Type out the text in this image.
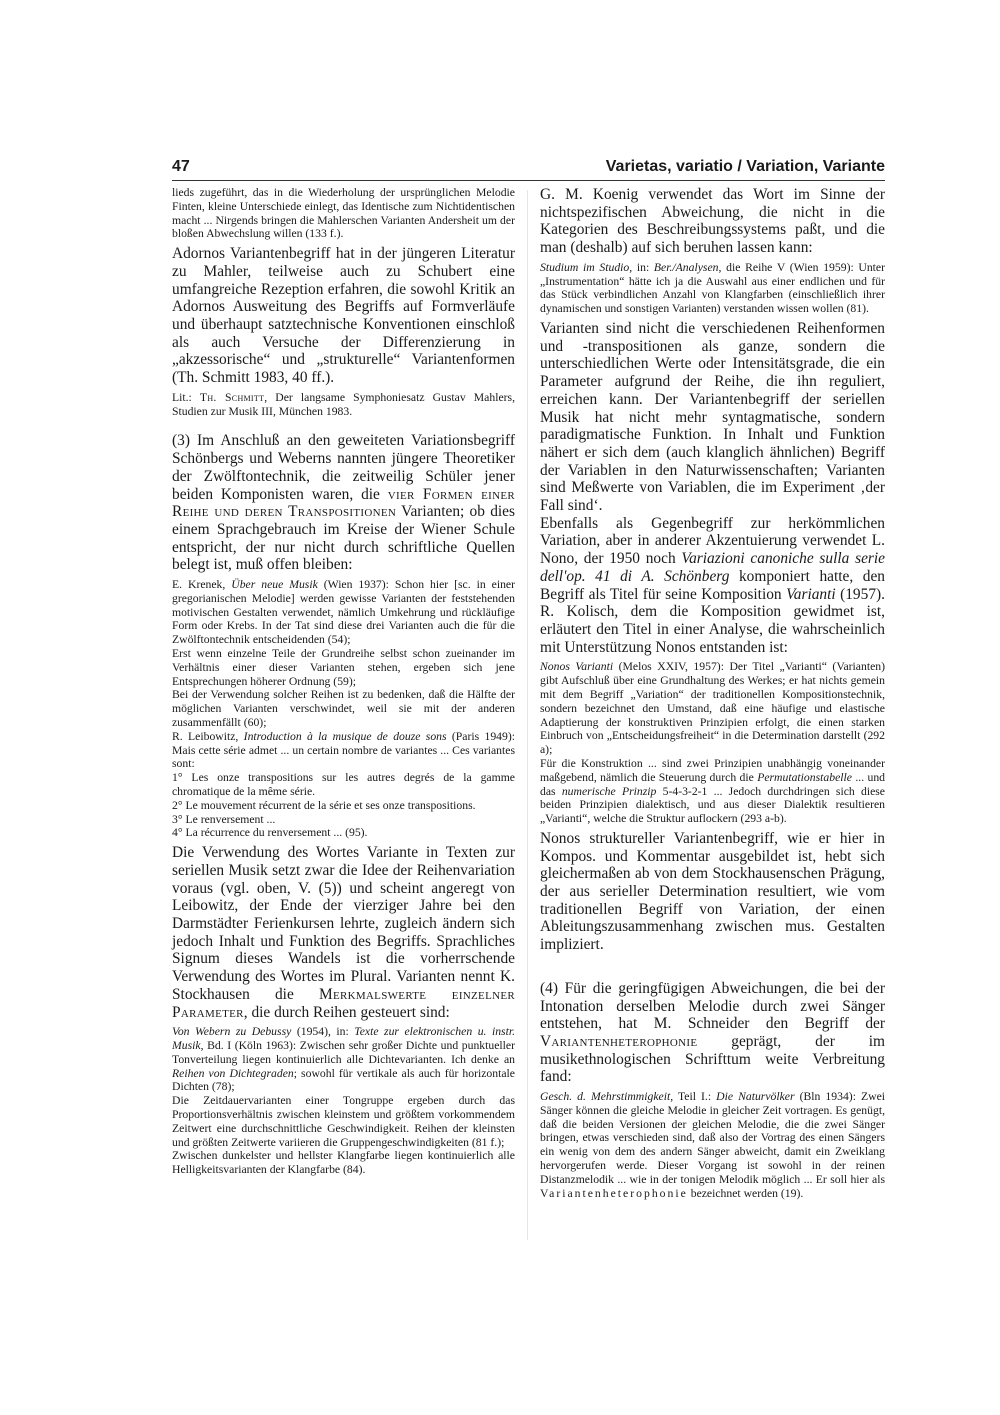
47	Varietas, variatio / Variation, Variante

lieds zugeführt, das in die Wiederholung der ursprünglichen Melodie Finten, kleine Unterschiede einlegt, das Identische zum Nichtidentischen macht ... Nirgends bringen die Mahlerschen Varianten Andersheit um der bloßen Abwechslung willen (133 f.).

Adornos Variantenbegriff hat in der jüngeren Literatur zu Mahler, teilweise auch zu Schubert eine umfangreiche Rezeption erfahren, die sowohl Kritik an Adornos Ausweitung des Begriffs auf Formverläufe und überhaupt satztechnische Konventionen einschloß als auch Versuche der Differenzierung in „akzessorische“ und „strukturelle“ Variantenformen (Th. Schmitt 1983, 40 ff.).

Lit.: Th. Schmitt, Der langsame Symphoniesatz Gustav Mahlers, Studien zur Musik III, München 1983.

(3) Im Anschluß an den geweiteten Variationsbegriff Schönbergs und Weberns nannten jüngere Theoretiker der Zwölftontechnik, die zeitweilig Schüler jener beiden Komponisten waren, die vier Formen einer Reihe und deren Transpositionen Varianten; ob dies einem Sprachgebrauch im Kreise der Wiener Schule entspricht, der nur nicht durch schriftliche Quellen belegt ist, muß offen bleiben:

E. Krenek, Über neue Musik (Wien 1937): Schon hier [sc. in einer gregorianischen Melodie] werden gewisse Varianten der feststehenden motivischen Gestalten verwendet, nämlich Umkehrung und rückläufige Form oder Krebs. In der Tat sind diese drei Varianten auch die für die Zwölftontechnik entscheidenden (54);

Erst wenn einzelne Teile der Grundreihe selbst schon zueinander im Verhältnis einer dieser Varianten stehen, ergeben sich jene Entsprechungen höherer Ordnung (59);

Bei der Verwendung solcher Reihen ist zu bedenken, daß die Hälfte der möglichen Varianten verschwindet, weil sie mit der anderen zusammenfällt (60);

R. Leibowitz, Introduction à la musique de douze sons (Paris 1949): Mais cette série admet ... un certain nombre de variantes ... Ces variantes sont:

1° Les onze transpositions sur les autres degrés de la gamme chromatique de la même série.

2° Le mouvement récurrent de la série et ses onze transpositions.

3° Le renversement ...

4° La récurrence du renversement ... (95).

Die Verwendung des Wortes Variante in Texten zur seriellen Musik setzt zwar die Idee der Reihenvariation voraus (vgl. oben, V. (5)) und scheint angeregt von Leibowitz, der Ende der vierziger Jahre bei den Darmstädter Ferienkursen lehrte, zugleich ändern sich jedoch Inhalt und Funktion des Begriffs. Sprachliches Signum dieses Wandels ist die vorherrschende Verwendung des Wortes im Plural. Varianten nennt K. Stockhausen die Merkmalswerte einzelner Parameter, die durch Reihen gesteuert sind:

Von Webern zu Debussy (1954), in: Texte zur elektronischen u. instr. Musik, Bd. I (Köln 1963): Zwischen sehr großer Dichte und punktueller Tonverteilung liegen kontinuierlich alle Dichtevarianten. Ich denke an Reihen von Dichtegraden; sowohl für vertikale als auch für horizontale Dichten (78);

Die Zeitdauervarianten einer Tongruppe ergeben durch das Proportionsverhältnis zwischen kleinstem und größtem vorkommendem Zeitwert eine durchschnittliche Geschwindigkeit. Reihen der kleinsten und größten Zeitwerte variieren die Gruppengeschwindigkeiten (81 f.);

Zwischen dunkelster und hellster Klangfarbe liegen kontinuierlich alle Helligkeitsvarianten der Klangfarbe (84).

G. M. Koenig verwendet das Wort im Sinne der nichtspezifischen Abweichung, die nicht in die Kategorien des Beschreibungssystems paßt, und die man (deshalb) auf sich beruhen lassen kann:

Studium im Studio, in: Ber./Analysen, die Reihe V (Wien 1959): Unter „Instrumentation“ hätte ich ja die Auswahl aus einer endlichen und für das Stück verbindlichen Anzahl von Klangfarben (einschließlich ihrer dynamischen und sonstigen Varianten) verstanden wissen wollen (81).

Varianten sind nicht die verschiedenen Reihenformen und -transpositionen als ganze, sondern die unterschiedlichen Werte oder Intensitätsgrade, die ein Parameter aufgrund der Reihe, die ihn reguliert, erreichen kann. Der Variantenbegriff der seriellen Musik hat nicht mehr syntagmatische, sondern paradigmatische Funktion. In Inhalt und Funktion nähert er sich dem (auch klanglich ähnlichen) Begriff der Variablen in den Naturwissenschaften; Varianten sind Meßwerte von Variablen, die im Experiment ‚der Fall sind‘.

Ebenfalls als Gegenbegriff zur herkömmlichen Variation, aber in anderer Akzentuierung verwendet L. Nono, der 1950 noch Variazioni canoniche sulla serie dell'op. 41 di A. Schönberg komponiert hatte, den Begriff als Titel für seine Komposition Varianti (1957). R. Kolisch, dem die Komposition gewidmet ist, erläutert den Titel in einer Analyse, die wahrscheinlich mit Unterstützung Nonos entstanden ist:

Nonos Varianti (Melos XXIV, 1957): Der Titel „Varianti“ (Varianten) gibt Aufschluß über eine Grundhaltung des Werkes; er hat nichts gemein mit dem Begriff „Variation“ der traditionellen Kompositionstechnik, sondern bezeichnet den Umstand, daß eine häufige und elastische Adaptierung der konstruktiven Prinzipien erfolgt, die einen starken Einbruch von „Entscheidungsfreiheit“ in die Determination darstellt (292 a);

Für die Konstruktion ... sind zwei Prinzipien unabhängig voneinander maßgebend, nämlich die Steuerung durch die Permutationstabelle ... und das numerische Prinzip 5-4-3-2-1 ... Jedoch durchdringen sich diese beiden Prinzipien dialektisch, und aus dieser Dialektik resultieren „Varianti“, welche die Struktur auflockern (293 a-b).

Nonos struktureller Variantenbegriff, wie er hier in Kompos. und Kommentar ausgebildet ist, hebt sich gleichermaßen ab von dem Stockhausenschen Prägung, der aus serieller Determination resultiert, wie vom traditionellen Begriff von Variation, der einen Ableitungszusammenhang zwischen mus. Gestalten impliziert.

(4) Für die geringfügigen Abweichungen, die bei der Intonation derselben Melodie durch zwei Sänger entstehen, hat M. Schneider den Begriff der Variantenheterophonie geprägt, der im musikethnologischen Schrifttum weite Verbreitung fand:

Gesch. d. Mehrstimmigkeit, Teil I.: Die Naturvölker (Bln 1934): Zwei Sänger können die gleiche Melodie in gleicher Zeit vortragen. Es genügt, daß die beiden Versionen der gleichen Melodie, die die zwei Sänger bringen, etwas verschieden sind, daß also der Vortrag des einen Sängers ein wenig von dem des andern Sänger abweicht, damit ein Zweiklang hervorgerufen werde. Dieser Vorgang ist sowohl in der reinen Distanzmelodik ... wie in der tonigen Melodik möglich ... Er soll hier als Variantenheterophonie bezeichnet werden (19).
